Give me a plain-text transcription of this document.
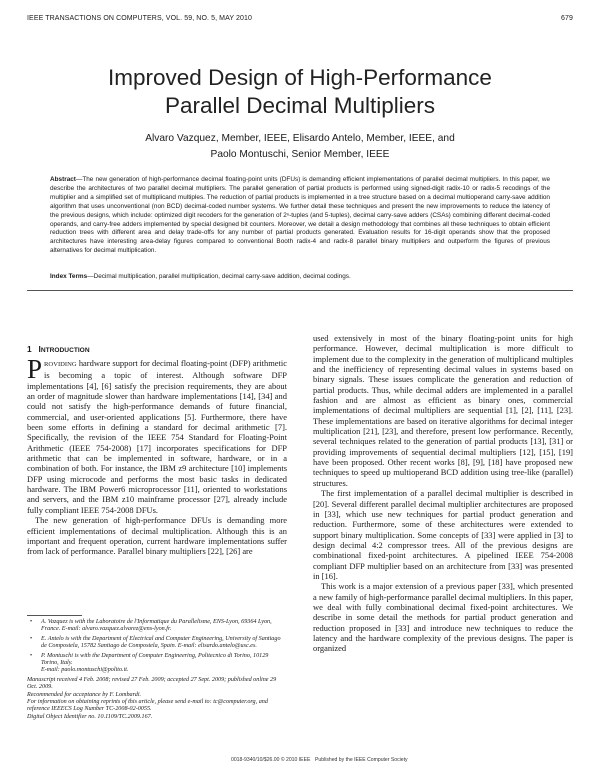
IEEE TRANSACTIONS ON COMPUTERS, VOL. 59, NO. 5, MAY 2010	679
Improved Design of High-Performance
Parallel Decimal Multipliers
Alvaro Vazquez, Member, IEEE, Elisardo Antelo, Member, IEEE, and
Paolo Montuschi, Senior Member, IEEE
Abstract—The new generation of high-performance decimal floating-point units (DFUs) is demanding efficient implementations of parallel decimal multipliers. In this paper, we describe the architectures of two parallel decimal multipliers. The parallel generation of partial products is performed using signed-digit radix-10 or radix-5 recodings of the multiplier and a simplified set of multiplicand multiples. The reduction of partial products is implemented in a tree structure based on a decimal multioperand carry-save addition algorithm that uses unconventional (non BCD) decimal-coded number systems. We further detail these techniques and present the new improvements to reduce the latency of the previous designs, which include: optimized digit recoders for the generation of 2ⁿ-tuples (and 5-tuples), decimal carry-save adders (CSAs) combining different decimal-coded operands, and carry-free adders implemented by special designed bit counters. Moreover, we detail a design methodology that combines all these techniques to obtain efficient reduction trees with different area and delay trade-offs for any number of partial products generated. Evaluation results for 16-digit operands show that the proposed architectures have interesting area-delay figures compared to conventional Booth radix-4 and radix-8 parallel binary multipliers and outperform the figures of previous alternatives for decimal multiplication.
Index Terms—Decimal multiplication, parallel multiplication, decimal carry-save addition, decimal codings.
1 INTRODUCTION

PROVIDING hardware support for decimal floating-point (DFP) arithmetic is becoming a topic of interest. Although software DFP implementations [4], [6] satisfy the precision requirements, they are about an order of magnitude slower than hardware implementations [14], [34] and could not satisfy the high-performance demands of future financial, commercial, and user-oriented applications [5]. Furthermore, there have been some efforts in defining a standard for decimal arithmetic [7]. Specifically, the revision of the IEEE 754 Standard for Floating-Point Arithmetic (IEEE 754-2008) [17] incorporates specifications for DFP arithmetic that can be implemented in software, hardware, or in a combination of both. For instance, the IBM z9 architecture [10] implements DFP using microcode and performs the most basic tasks in dedicated hardware. The IBM Power6 microprocessor [11], oriented to workstations and servers, and the IBM z10 mainframe processor [27], already include fully compliant IEEE 754-2008 DFUs.

The new generation of high-performance DFUs is demanding more efficient implementations of decimal multiplication. Although this is an important and frequent operation, current hardware implementations suffer from lack of performance. Parallel binary multipliers [22], [26] are

used extensively in most of the binary floating-point units for high performance. However, decimal multiplication is more difficult to implement due to the complexity in the generation of multiplicand multiples and the inefficiency of representing decimal values in systems based on binary signals. These issues complicate the generation and reduction of partial products. Thus, while decimal adders are implemented in a parallel fashion and are almost as efficient as binary ones, commercial implementations of decimal multipliers are sequential [1], [2], [11], [23]. These implementations are based on iterative algorithms for decimal integer multiplication [21], [23], and therefore, present low performance. Recently, several techniques related to the generation of partial products [13], [31] or providing improvements of sequential decimal multipliers [12], [15], [19] have been proposed. Other recent works [8], [9], [18] have proposed new techniques to speed up multioperand BCD addition using tree-like (parallel) structures.

The first implementation of a parallel decimal multiplier is described in [20]. Several different parallel decimal multiplier architectures are proposed in [33], which use new techniques for partial product generation and reduction. Furthermore, some of these architectures were extended to support binary multiplication. Some concepts of [33] were applied in [3] to design decimal 4:2 compressor trees. All of the previous designs are combinational fixed-point architectures. A pipelined IEEE 754-2008 compliant DFP multiplier based on an architecture from [33] was presented in [16].

This work is a major extension of a previous paper [33], which presented a new family of high-performance parallel decimal multipliers. In this paper, we deal with fully combinational decimal fixed-point architectures. We describe in some detail the methods for partial product generation and reduction proposed in [33] and introduce new techniques to reduce the latency and the hardware complexity of the previous designs. The paper is organized

• A. Vazquez is with the Laboratoire de l'Informatique du Parallelisme, ENS-Lyon, 69364 Lyon, France. E-mail: alvaro.vazquez.alvarez@ens-lyon.fr.
• E. Antelo is with the Department of Electrical and Computer Engineering, University of Santiago de Compostela, 15782 Santiago de Compostela, Spain. E-mail: elisardo.antelo@usc.es.
• P. Montuschi is with the Department of Computer Engineering, Politecnico di Torino, 10129 Torino, Italy.
E-mail: paolo.montuschi@polito.it.
Manuscript received 4 Feb. 2008; revised 27 Feb. 2009; accepted 27 Sept. 2009; published online 29 Oct. 2009.
Recommended for acceptance by F. Lombardi.
For information on obtaining reprints of this article, please send e-mail to: tc@computer.org, and reference IEEECS Log Number TC-2008-02-0055.
Digital Object Identifier no. 10.1109/TC.2009.167.
0018-9340/10/$26.00 © 2010 IEEE Published by the IEEE Computer Society
